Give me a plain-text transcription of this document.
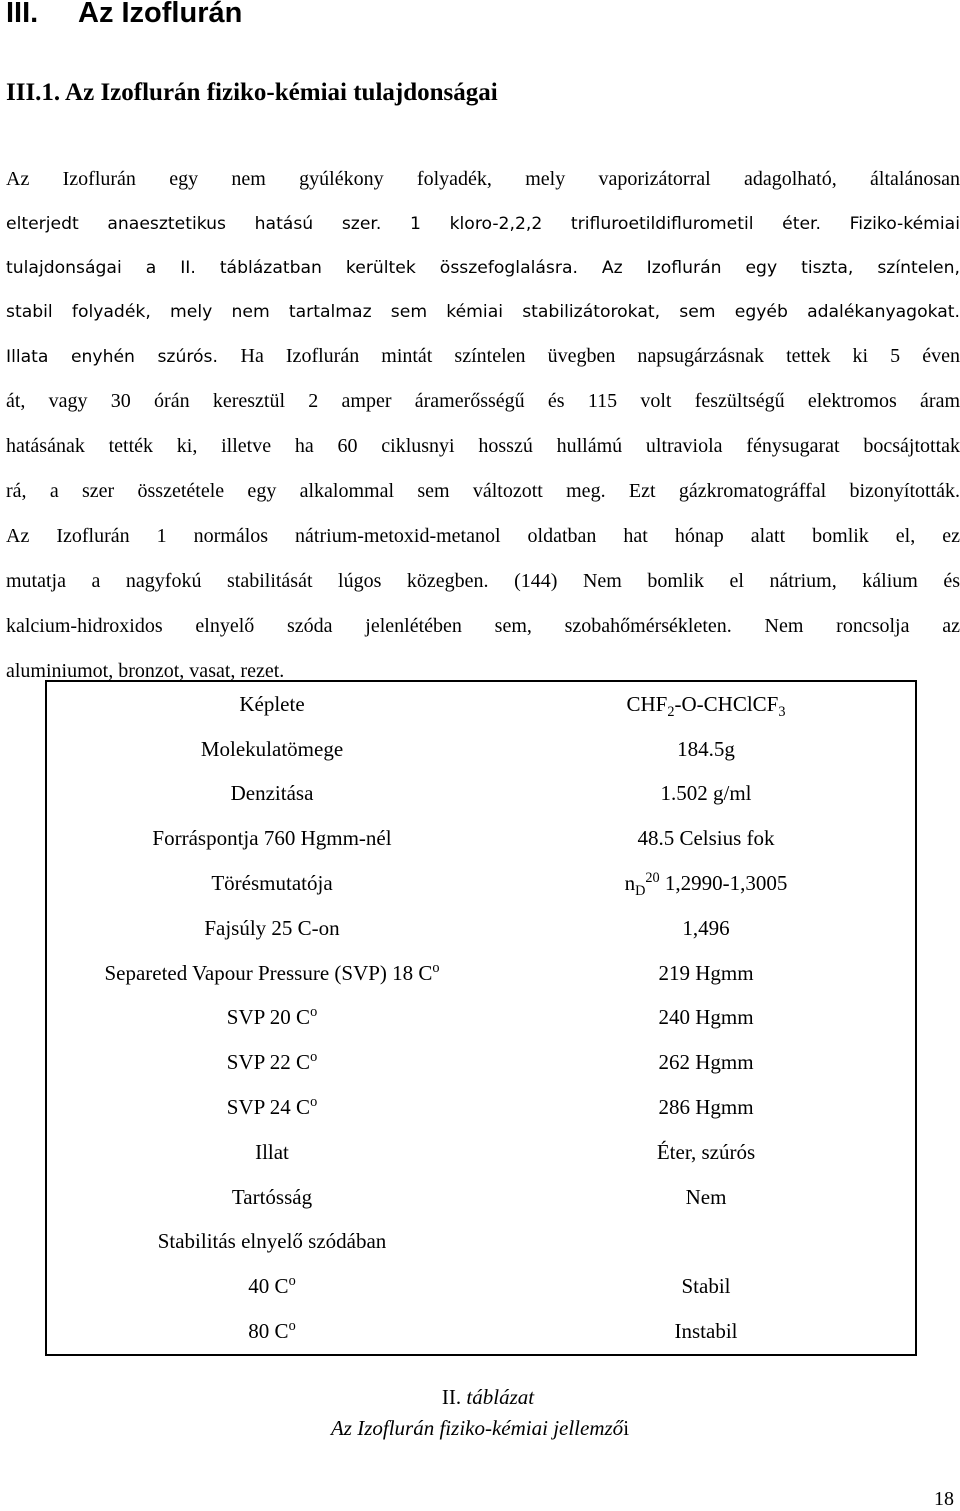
III. Az Izoflurán
III.1. Az Izoflurán fiziko-kémiai tulajdonságai
Az Izoflurán egy nem gyúlékony folyadék, mely vaporizátorral adagolható, általánosan
elterjedt anaesztetikus hatású szer. 1 kloro-2,2,2 trifluroetildiflurometil éter. Fiziko-kémiai
tulajdonságai a II. táblázatban kerültek összefoglalásra. Az Izoflurán egy tiszta, színtelen,
stabil folyadék, mely nem tartalmaz sem kémiai stabilizátorokat, sem egyéb adalékanyagokat.
Illata enyhén szúrós. Ha Izoflurán mintát színtelen üvegben napsugárzásnak tettek ki 5 éven
át, vagy 30 órán keresztül 2 amper áramerősségű és 115 volt feszültségű elektromos áram
hatásának tették ki, illetve ha 60 ciklusnyi hosszú hullámú ultraviola fénysugarat bocsájtottak
rá, a szer összetétele egy alkalommal sem változott meg. Ezt gázkromatográffal bizonyították.
Az Izoflurán 1 normálos nátrium-metoxid-metanol oldatban hat hónap alatt bomlik el, ez
mutatja a nagyfokú stabilitását lúgos közegben. (144) Nem bomlik el nátrium, kálium és
kalcium-hidroxidos elnyelő szóda jelenlétében sem, szobahőmérsékleten. Nem roncsolja az
aluminiumot, bronzot, vasat, rezet.
Képlete	$CHF_2-O-CHClCF_3$
Molekulatömege	184.5g
Denzitása	1.502 g/ml
Forráspontja 760 Hgmm-nél	48.5 Celsius fok
Törésmutatója	$n_D^{20}$ 1,2990-1,3005
Fajsúly 25 C-on	1,496
Separeted Vapour Pressure (SVP) 18 $C^o$	219 Hgmm
SVP 20 $C^o$	240 Hgmm
SVP 22 $C^o$	262 Hgmm
SVP 24 $C^o$	286 Hgmm
Illat	Éter, szúrós
Tartósság	Nem
Stabilitás elnyelő szódában	
40 $C^o$	Stabil
80 $C^o$	Instabil
II. táblázat
Az Izoflurán fiziko-kémiai jellemzői
18
